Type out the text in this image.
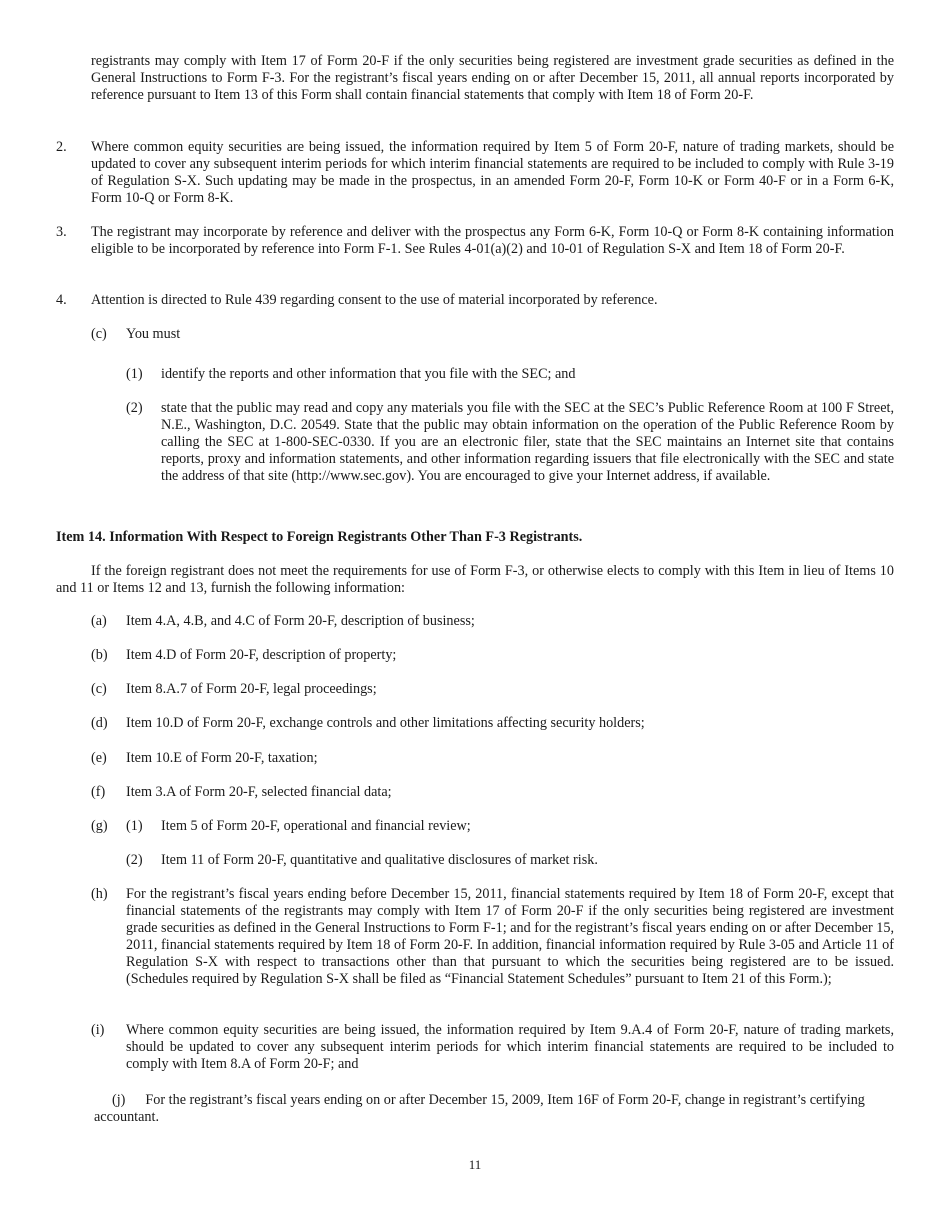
registrants may comply with Item 17 of Form 20-F if the only securities being registered are investment grade securities as defined in the General Instructions to Form F-3. For the registrant’s fiscal years ending on or after December 15, 2011, all annual reports incorporated by reference pursuant to Item 13 of this Form shall contain financial statements that comply with Item 18 of Form 20-F.

2. Where common equity securities are being issued, the information required by Item 5 of Form 20-F, nature of trading markets, should be updated to cover any subsequent interim periods for which interim financial statements are required to be included to comply with Rule 3-19 of Regulation S-X. Such updating may be made in the prospectus, in an amended Form 20-F, Form 10-K or Form 40-F or in a Form 6-K, Form 10-Q or Form 8-K.

3. The registrant may incorporate by reference and deliver with the prospectus any Form 6-K, Form 10-Q or Form 8-K containing information eligible to be incorporated by reference into Form F-1. See Rules 4-01(a)(2) and 10-01 of Regulation S-X and Item 18 of Form 20-F.

4. Attention is directed to Rule 439 regarding consent to the use of material incorporated by reference.

(c) You must
(1) identify the reports and other information that you file with the SEC; and

(2) state that the public may read and copy any materials you file with the SEC at the SEC’s Public Reference Room at 100 F Street, N.E., Washington, D.C. 20549. State that the public may obtain information on the operation of the Public Reference Room by calling the SEC at 1-800-SEC-0330. If you are an electronic filer, state that the SEC maintains an Internet site that contains reports, proxy and information statements, and other information regarding issuers that file electronically with the SEC and state the address of that site (http://www.sec.gov). You are encouraged to give your Internet address, if available.

Item 14. Information With Respect to Foreign Registrants Other Than F-3 Registrants.

If the foreign registrant does not meet the requirements for use of Form F-3, or otherwise elects to comply with this Item in lieu of Items 10 and 11 or Items 12 and 13, furnish the following information:

(a) Item 4.A, 4.B, and 4.C of Form 20-F, description of business;
(b) Item 4.D of Form 20-F, description of property;
(c) Item 8.A.7 of Form 20-F, legal proceedings;
(d) Item 10.D of Form 20-F, exchange controls and other limitations affecting security holders;
(e) Item 10.E of Form 20-F, taxation;
(f) Item 3.A of Form 20-F, selected financial data;
(g) (1) Item 5 of Form 20-F, operational and financial review;
(2) Item 11 of Form 20-F, quantitative and qualitative disclosures of market risk.
(h) For the registrant’s fiscal years ending before December 15, 2011, financial statements required by Item 18 of Form 20-F, except that financial statements of the registrants may comply with Item 17 of Form 20-F if the only securities being registered are investment grade securities as defined in the General Instructions to Form F-1; and for the registrant’s fiscal years ending on or after December 15, 2011, financial statements required by Item 18 of Form 20-F. In addition, financial information required by Rule 3-05 and Article 11 of Regulation S-X with respect to transactions other than that pursuant to which the securities being registered are to be issued. (Schedules required by Regulation S-X shall be filed as “Financial Statement Schedules” pursuant to Item 21 of this Form.);

(i) Where common equity securities are being issued, the information required by Item 9.A.4 of Form 20-F, nature of trading markets, should be updated to cover any subsequent interim periods for which interim financial statements are required to be included to comply with Item 8.A of Form 20-F; and

(j) For the registrant’s fiscal years ending on or after December 15, 2009, Item 16F of Form 20-F, change in registrant’s certifying accountant.

11
